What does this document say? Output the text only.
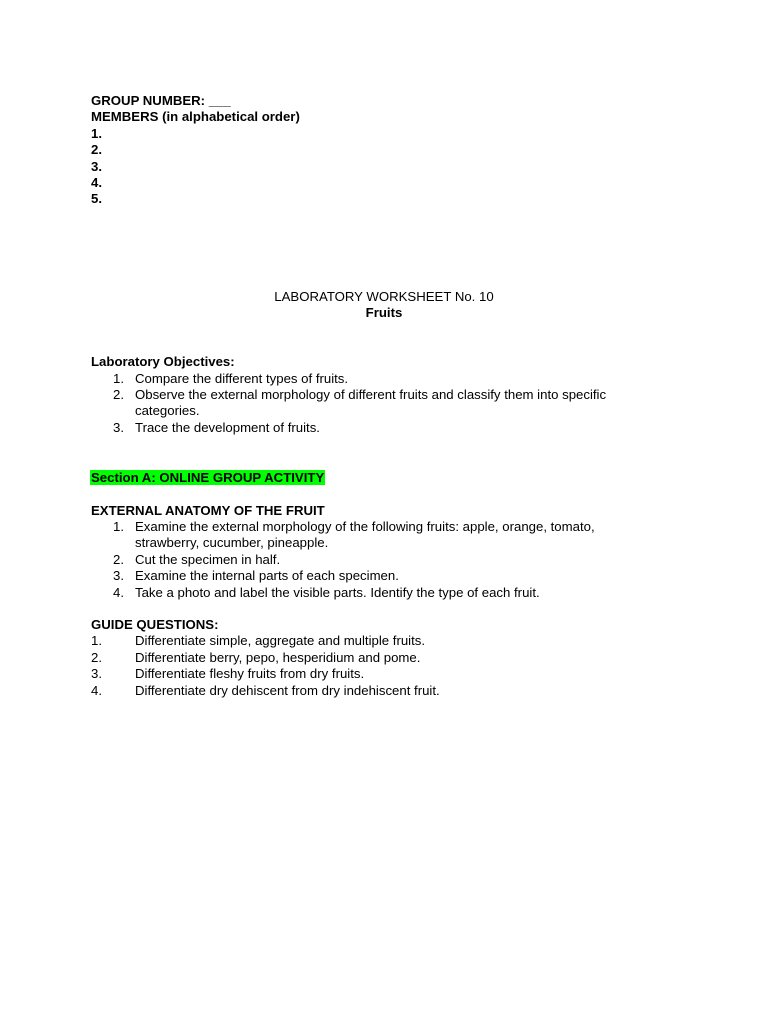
GROUP NUMBER: ___
MEMBERS (in alphabetical order)
1.
2.
3.
4.
5.
LABORATORY WORKSHEET No. 10
Fruits
Laboratory Objectives:
1. Compare the different types of fruits.
2. Observe the external morphology of different fruits and classify them into specific
categories.
3. Trace the development of fruits.
Section A: ONLINE GROUP ACTIVITY
EXTERNAL ANATOMY OF THE FRUIT
1. Examine the external morphology of the following fruits: apple, orange, tomato,
strawberry, cucumber, pineapple.
2. Cut the specimen in half.
3. Examine the internal parts of each specimen.
4. Take a photo and label the visible parts. Identify the type of each fruit.
GUIDE QUESTIONS:
1.	Differentiate simple, aggregate and multiple fruits.
2.	Differentiate berry, pepo, hesperidium and pome.
3.	Differentiate fleshy fruits from dry fruits.
4.	Differentiate dry dehiscent from dry indehiscent fruit.
